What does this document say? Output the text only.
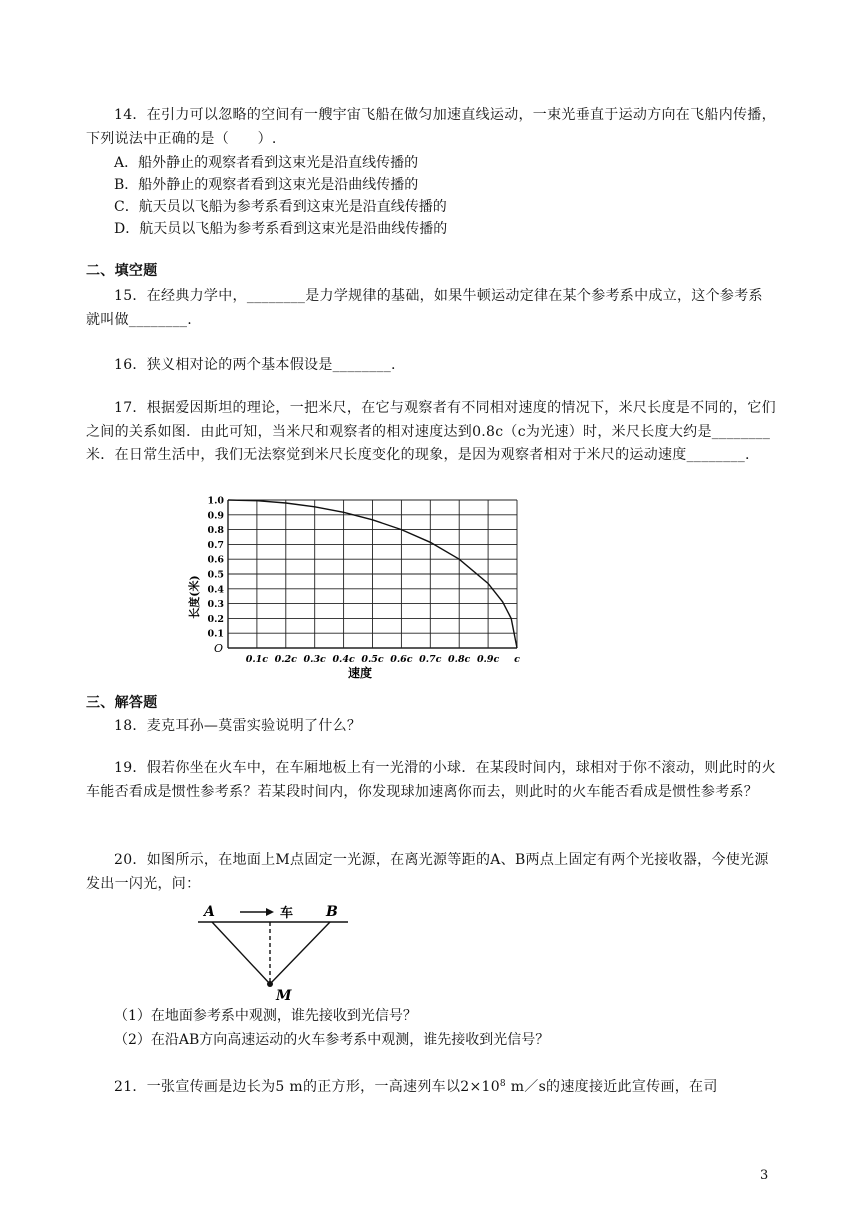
14．在引力可以忽略的空间有一艘宇宙飞船在做匀加速直线运动，一束光垂直于运动方向在飞船内传播，下列说法中正确的是（　　）.
A．船外静止的观察者看到这束光是沿直线传播的
B．船外静止的观察者看到这束光是沿曲线传播的
C．航天员以飞船为参考系看到这束光是沿直线传播的
D．航天员以飞船为参考系看到这束光是沿曲线传播的
二、填空题
15．在经典力学中，________是力学规律的基础，如果牛顿运动定律在某个参考系中成立，这个参考系就叫做________.
16．狭义相对论的两个基本假设是________.
17．根据爱因斯坦的理论，一把米尺，在它与观察者有不同相对速度的情况下，米尺长度是不同的，它们之间的关系如图．由此可知，当米尺和观察者的相对速度达到0.8c（c为光速）时，米尺长度大约是________米．在日常生活中，我们无法察觉到米尺长度变化的现象，是因为观察者相对于米尺的运动速度________.
0.1
0.2
0.3
0.4
0.5
0.6
0.7
0.8
0.9
1.0
0.1c 0.2c 0.3c 0.4c 0.5c 0.6c 0.7c 0.8c 0.9c c
O
长度(米)
速度
三、解答题
18．麦克耳孙—莫雷实验说明了什么？
19．假若你坐在火车中，在车厢地板上有一光滑的小球．在某段时间内，球相对于你不滚动，则此时的火车能否看成是惯性参考系？若某段时间内，你发现球加速离你而去，则此时的火车能否看成是惯性参考系？
20．如图所示，在地面上M点固定一光源，在离光源等距的A、B两点上固定有两个光接收器，今使光源发出一闪光，问：
A	B
M
车
（1）在地面参考系中观测，谁先接收到光信号？
（2）在沿AB方向高速运动的火车参考系中观测，谁先接收到光信号？
21．一张宣传画是边长为5 m的正方形，一高速列车以$2\times 10^8$ m／s的速度接近此宣传画，在司
3
